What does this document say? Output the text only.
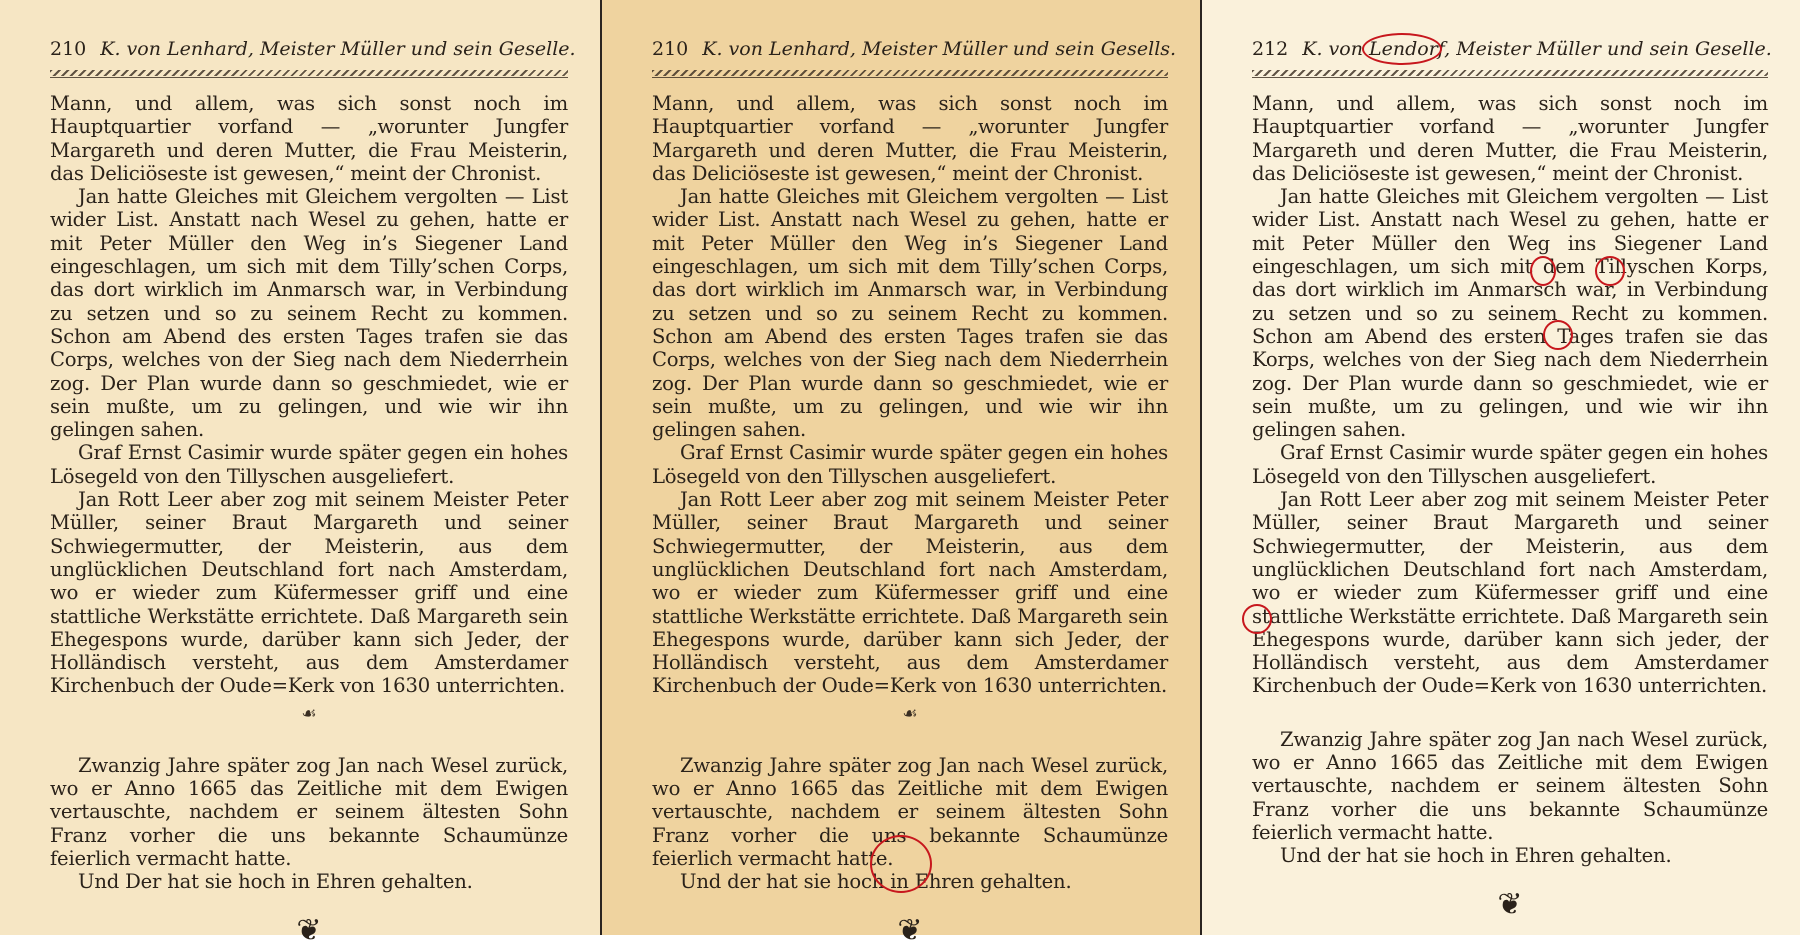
210 K. von Lenhard, Meister Müller und sein Geselle.

Mann, und allem, was sich sonst noch im Hauptquartier vorfand — „worunter Jungfer Margareth und deren Mutter, die Frau Meisterin, das Deliciöseste ist gewesen,“ meint der Chronist.

Jan hatte Gleiches mit Gleichem vergolten — List wider List. Anstatt nach Wesel zu gehen, hatte er mit Peter Müller den Weg in’s Siegener Land eingeschlagen, um sich mit dem Tilly’schen Corps, das dort wirklich im Anmarsch war, in Verbindung zu setzen und so zu seinem Recht zu kommen. Schon am Abend des ersten Tages trafen sie das Corps, welches von der Sieg nach dem Niederrhein zog. Der Plan wurde dann so geschmiedet, wie er sein mußte, um zu gelingen, und wie wir ihn gelingen sahen.

Graf Ernst Casimir wurde später gegen ein hohes Lösegeld von den Tillyschen ausgeliefert.

Jan Rott Leer aber zog mit seinem Meister Peter Müller, seiner Braut Margareth und seiner Schwiegermutter, der Meisterin, aus dem unglücklichen Deutschland fort nach Amsterdam, wo er wieder zum Küfermesser griff und eine stattliche Werkstätte errichtete. Daß Margareth sein Ehegespons wurde, darüber kann sich Jeder, der Holländisch versteht, aus dem Amsterdamer Kirchenbuch der Oude=Kerk von 1630 unterrichten.

☙

Zwanzig Jahre später zog Jan nach Wesel zurück, wo er Anno 1665 das Zeitliche mit dem Ewigen vertauschte, nachdem er seinem ältesten Sohn Franz vorher die uns bekannte Schaumünze feierlich vermacht hatte.

Und Der hat sie hoch in Ehren gehalten.

❦
210 K. von Lenhard, Meister Müller und sein Gesells.

Mann, und allem, was sich sonst noch im Hauptquartier vorfand — „worunter Jungfer Margareth und deren Mutter, die Frau Meisterin, das Deliciöseste ist gewesen,“ meint der Chronist.

Jan hatte Gleiches mit Gleichem vergolten — List wider List. Anstatt nach Wesel zu gehen, hatte er mit Peter Müller den Weg in’s Siegener Land eingeschlagen, um sich mit dem Tilly’schen Corps, das dort wirklich im Anmarsch war, in Verbindung zu setzen und so zu seinem Recht zu kommen. Schon am Abend des ersten Tages trafen sie das Corps, welches von der Sieg nach dem Niederrhein zog. Der Plan wurde dann so geschmiedet, wie er sein mußte, um zu gelingen, und wie wir ihn gelingen sahen.

Graf Ernst Casimir wurde später gegen ein hohes Lösegeld von den Tillyschen ausgeliefert.

Jan Rott Leer aber zog mit seinem Meister Peter Müller, seiner Braut Margareth und seiner Schwiegermutter, der Meisterin, aus dem unglücklichen Deutschland fort nach Amsterdam, wo er wieder zum Küfermesser griff und eine stattliche Werkstätte errichtete. Daß Margareth sein Ehegespons wurde, darüber kann sich Jeder, der Holländisch versteht, aus dem Amsterdamer Kirchenbuch der Oude=Kerk von 1630 unterrichten.

☙

Zwanzig Jahre später zog Jan nach Wesel zurück, wo er Anno 1665 das Zeitliche mit dem Ewigen vertauschte, nachdem er seinem ältesten Sohn Franz vorher die uns bekannte Schaumünze feierlich vermacht hatte.

Und der hat sie hoch in Ehren gehalten.

❦
212 K. von Lendorf, Meister Müller und sein Geselle.

Mann, und allem, was sich sonst noch im Hauptquartier vorfand — „worunter Jungfer Margareth und deren Mutter, die Frau Meisterin, das Deliciöseste ist gewesen,“ meint der Chronist.

Jan hatte Gleiches mit Gleichem vergolten — List wider List. Anstatt nach Wesel zu gehen, hatte er mit Peter Müller den Weg ins Siegener Land eingeschlagen, um sich mit dem Tillyschen Korps, das dort wirklich im Anmarsch war, in Verbindung zu setzen und so zu seinem Recht zu kommen. Schon am Abend des ersten Tages trafen sie das Korps, welches von der Sieg nach dem Niederrhein zog. Der Plan wurde dann so geschmiedet, wie er sein mußte, um zu gelingen, und wie wir ihn gelingen sahen.

Graf Ernst Casimir wurde später gegen ein hohes Lösegeld von den Tillyschen ausgeliefert.

Jan Rott Leer aber zog mit seinem Meister Peter Müller, seiner Braut Margareth und seiner Schwiegermutter, der Meisterin, aus dem unglücklichen Deutschland fort nach Amsterdam, wo er wieder zum Küfermesser griff und eine stattliche Werkstätte errichtete. Daß Margareth sein Ehegespons wurde, darüber kann sich jeder, der Holländisch versteht, aus dem Amsterdamer Kirchenbuch der Oude=Kerk von 1630 unterrichten.

Zwanzig Jahre später zog Jan nach Wesel zurück, wo er Anno 1665 das Zeitliche mit dem Ewigen vertauschte, nachdem er seinem ältesten Sohn Franz vorher die uns bekannte Schaumünze feierlich vermacht hatte.

Und der hat sie hoch in Ehren gehalten.

❦
